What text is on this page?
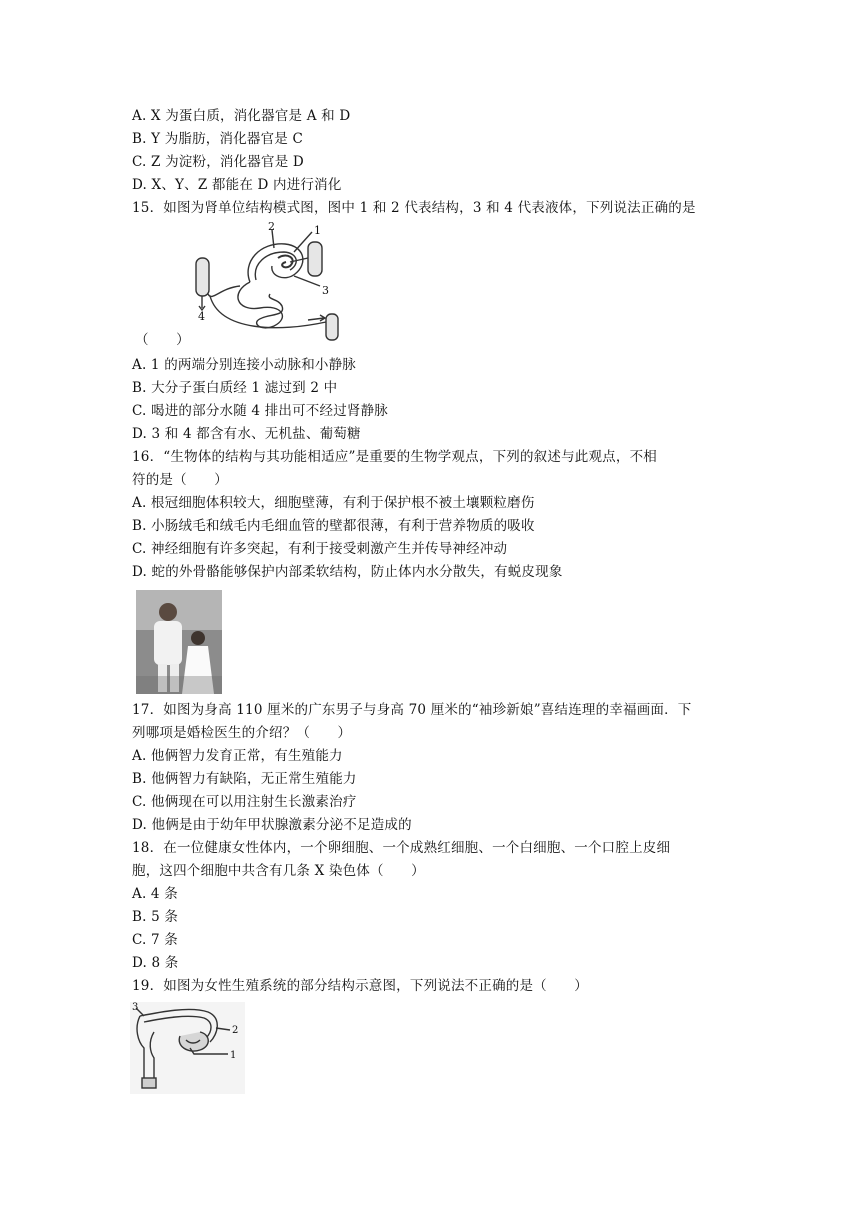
A. X 为蛋白质，消化器官是 A 和 D
B. Y 为脂肪，消化器官是 C
C. Z 为淀粉，消化器官是 D
D. X、Y、Z 都能在 D 内进行消化
15．如图为肾单位结构模式图，图中 1 和 2 代表结构，3 和 4 代表液体，下列说法正确的是
2	1
3
4
（　　）
A. 1 的两端分别连接小动脉和小静脉
B. 大分子蛋白质经 1 滤过到 2 中
C. 喝进的部分水随 4 排出可不经过肾静脉
D. 3 和 4 都含有水、无机盐、葡萄糖
16．“生物体的结构与其功能相适应”是重要的生物学观点，下列的叙述与此观点，不相
符的是（　　）
A. 根冠细胞体积较大，细胞壁薄，有利于保护根不被土壤颗粒磨伤
B. 小肠绒毛和绒毛内毛细血管的壁都很薄，有利于营养物质的吸收
C. 神经细胞有许多突起，有利于接受刺激产生并传导神经冲动
D. 蛇的外骨骼能够保护内部柔软结构，防止体内水分散失，有蜕皮现象
17．如图为身高 110 厘米的广东男子与身高 70 厘米的“袖珍新娘”喜结连理的幸福画面．下
列哪项是婚检医生的介绍？（　　）
A. 他俩智力发育正常，有生殖能力
B. 他俩智力有缺陷，无正常生殖能力
C. 他俩现在可以用注射生长激素治疗
D. 他俩是由于幼年甲状腺激素分泌不足造成的
18．在一位健康女性体内，一个卵细胞、一个成熟红细胞、一个白细胞、一个口腔上皮细
胞，这四个细胞中共含有几条 X 染色体（　　）
A. 4 条
B. 5 条
C. 7 条
D. 8 条
19．如图为女性生殖系统的部分结构示意图，下列说法不正确的是（　　）
3
2
1
